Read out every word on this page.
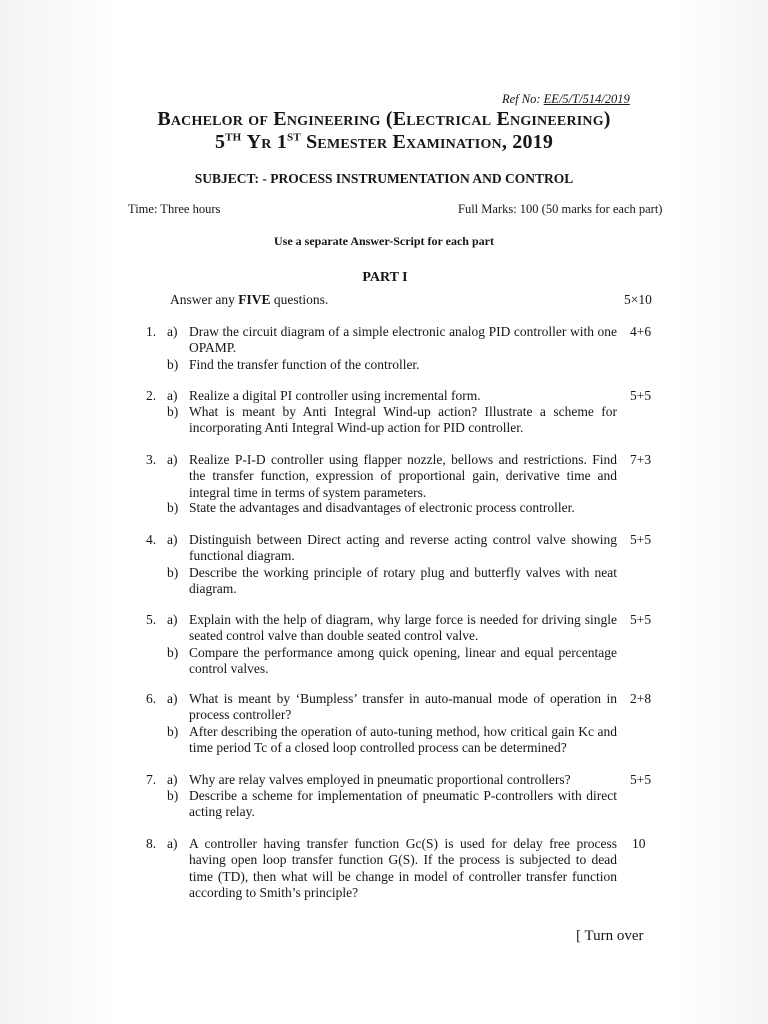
Ref No: EE/5/T/514/2019
Bachelor of Engineering (Electrical Engineering)
5TH Yr 1ST Semester Examination, 2019
SUBJECT: - PROCESS INSTRUMENTATION AND CONTROL
Time: Three hours	Full Marks: 100 (50 marks for each part)
Use a separate Answer-Script for each part
PART I
Answer any FIVE questions.	5×10
1. a) Draw the circuit diagram of a simple electronic analog PID controller with one OPAMP.
b) Find the transfer function of the controller.
4+6
2. a) Realize a digital PI controller using incremental form.
b) What is meant by Anti Integral Wind-up action? Illustrate a scheme for incorporating Anti Integral Wind-up action for PID controller.
5+5
3. a) Realize P-I-D controller using flapper nozzle, bellows and restrictions. Find the transfer function, expression of proportional gain, derivative time and integral time in terms of system parameters.
b) State the advantages and disadvantages of electronic process controller.
7+3
4. a) Distinguish between Direct acting and reverse acting control valve showing functional diagram.
b) Describe the working principle of rotary plug and butterfly valves with neat diagram.
5+5
5. a) Explain with the help of diagram, why large force is needed for driving single seated control valve than double seated control valve.
b) Compare the performance among quick opening, linear and equal percentage control valves.
5+5
6. a) What is meant by ‘Bumpless’ transfer in auto-manual mode of operation in process controller?
b) After describing the operation of auto-tuning method, how critical gain Kc and time period Tc of a closed loop controlled process can be determined?
2+8
7. a) Why are relay valves employed in pneumatic proportional controllers?
b) Describe a scheme for implementation of pneumatic P-controllers with direct acting relay.
5+5
8. a) A controller having transfer function Gc(S) is used for delay free process having open loop transfer function G(S). If the process is subjected to dead time (TD), then what will be change in model of controller transfer function according to Smith’s principle?
10
[ Turn over
